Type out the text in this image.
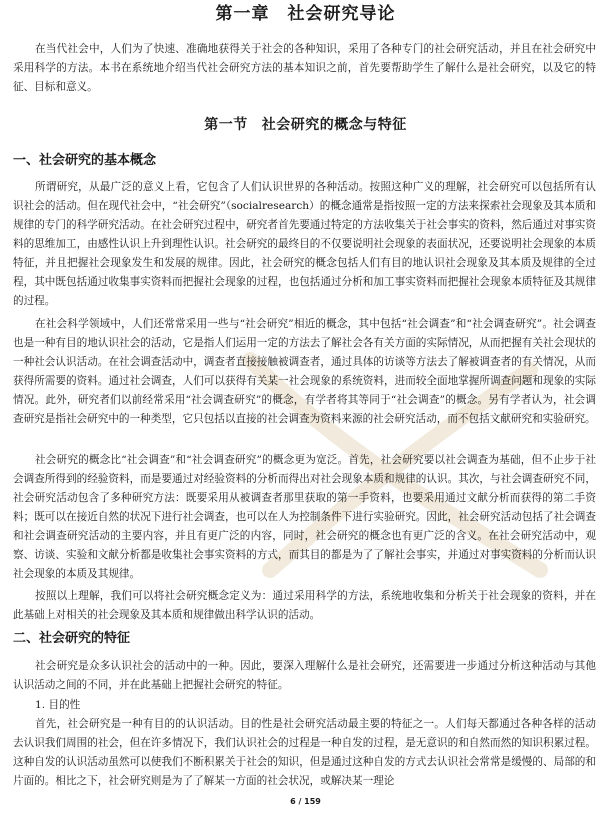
第一章 社会研究导论

在当代社会中，人们为了快速、准确地获得关于社会的各种知识，采用了各种专门的社会研究活动，并且在社会研究中采用科学的方法。本书在系统地介绍当代社会研究方法的基本知识之前，首先要帮助学生了解什么是社会研究，以及它的特征、目标和意义。

第一节 社会研究的概念与特征
一、社会研究的基本概念

所谓研究，从最广泛的意义上看，它包含了人们认识世界的各种活动。按照这种广义的理解，社会研究可以包括所有认识社会的活动。但在现代社会中，“社会研究”（socialresearch）的概念通常是指按照一定的方法来探索社会现象及其本质和规律的专门的科学研究活动。在社会研究过程中，研究者首先要通过特定的方法收集关于社会事实的资料，然后通过对事实资料的思维加工，由感性认识上升到理性认识。社会研究的最终目的不仅要说明社会现象的表面状况，还要说明社会现象的本质特征，并且把握社会现象发生和发展的规律。因此，社会研究的概念包括人们有目的地认识社会现象及其本质及规律的全过程，其中既包括通过收集事实资料而把握社会现象的过程，也包括通过分析和加工事实资料而把握社会现象本质特征及其规律的过程。

在社会科学领域中，人们还常常采用一些与“社会研究”相近的概念，其中包括“社会调查”和“社会调查研究”。社会调查也是一种有目的地认识社会的活动，它是指人们运用一定的方法去了解社会各有关方面的实际情况，从而把握有关社会现状的一种社会认识活动。在社会调查活动中，调查者直接接触被调查者，通过具体的访谈等方法去了解被调查者的有关情况，从而获得所需要的资料。通过社会调查，人们可以获得有关某一社会现象的系统资料，进而较全面地掌握所调查问题和现象的实际情况。此外，研究者们以前经常采用“社会调查研究”的概念，有学者将其等同于“社会调查”的概念。另有学者认为，社会调查研究是指社会研究中的一种类型，它只包括以直接的社会调查为资料来源的社会研究活动，而不包括文献研究和实验研究。

社会研究的概念比“社会调查”和“社会调查研究”的概念更为宽泛。首先，社会研究要以社会调查为基础，但不止步于社会调查所得到的经验资料，而是要通过对经验资料的分析而得出对社会现象本质和规律的认识。其次，与社会调查研究不同，社会研究活动包含了多种研究方法：既要采用从被调查者那里获取的第一手资料，也要采用通过文献分析而获得的第二手资料；既可以在接近自然的状况下进行社会调查，也可以在人为控制条件下进行实验研究。因此，社会研究活动包括了社会调查和社会调查研究活动的主要内容，并且有更广泛的内容，同时，社会研究的概念也有更广泛的含义。在社会研究活动中，观察、访谈、实验和文献分析都是收集社会事实资料的方式，而其目的都是为了了解社会事实，并通过对事实资料的分析而认识社会现象的本质及其规律。

按照以上理解，我们可以将社会研究概念定义为：通过采用科学的方法，系统地收集和分析关于社会现象的资料，并在此基础上对相关的社会现象及其本质和规律做出科学认识的活动。

二、社会研究的特征

社会研究是众多认识社会的活动中的一种。因此，要深入理解什么是社会研究，还需要进一步通过分析这种活动与其他认识活动之间的不同，并在此基础上把握社会研究的特征。

1. 目的性

首先，社会研究是一种有目的的认识活动。目的性是社会研究活动最主要的特征之一。人们每天都通过各种各样的活动去认识我们周围的社会，但在许多情况下，我们认识社会的过程是一种自发的过程，是无意识的和自然而然的知识积累过程。这种自发的认识活动虽然可以使我们不断积累关于社会的知识，但是通过这种自发的方式去认识社会常常是缓慢的、局部的和片面的。相比之下，社会研究则是为了了解某一方面的社会状况，或解决某一理论

6 / 159
